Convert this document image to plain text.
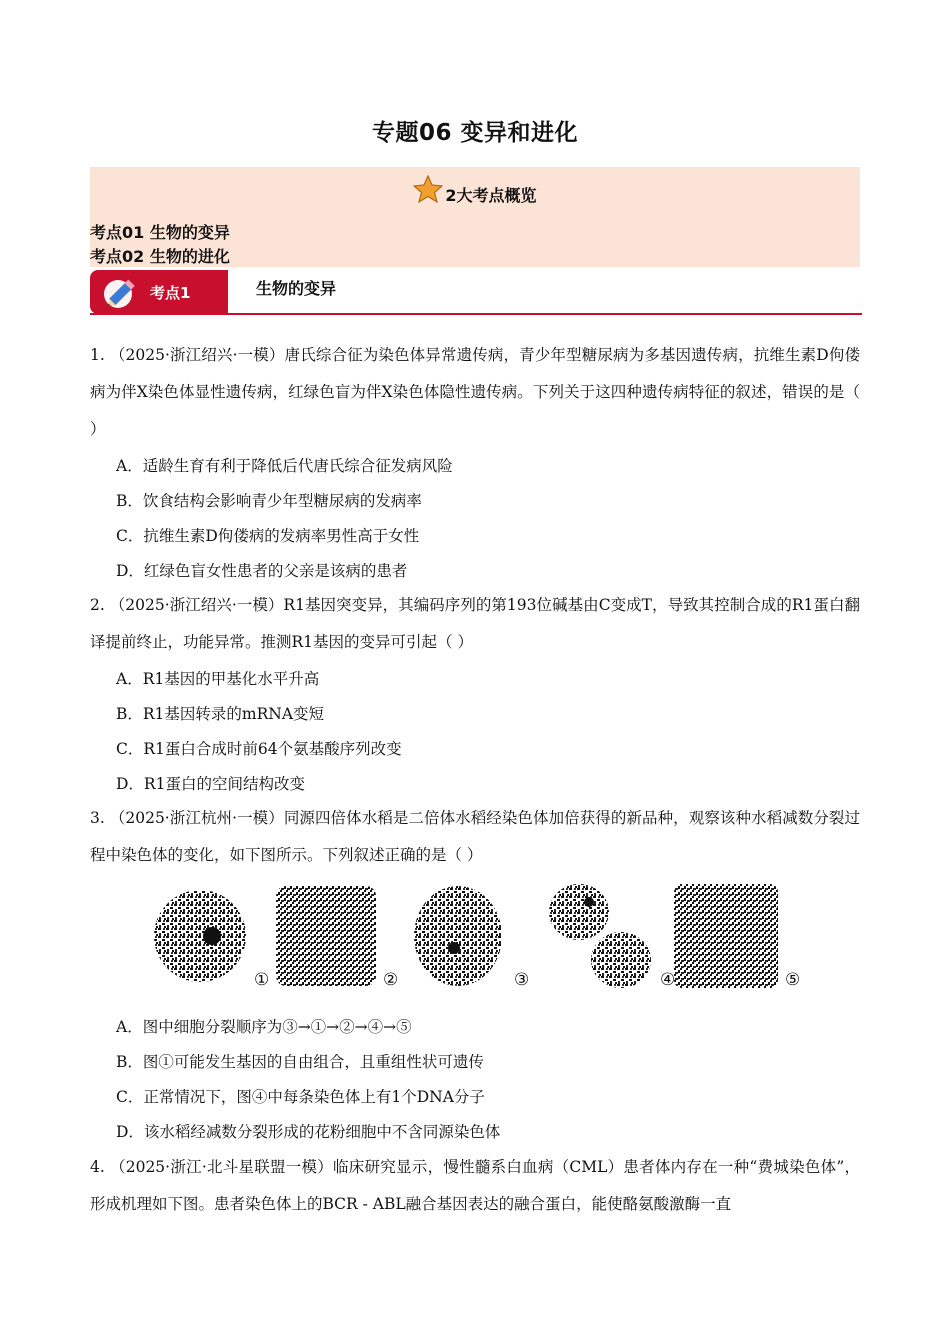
专题06 变异和进化
2大考点概览
考点01 生物的变异
考点02 生物的进化
考点1	生物的变异
1. （2025·浙江绍兴·一模）唐氏综合征为染色体异常遗传病，青少年型糖尿病为多基因遗传病，抗维生素D佝偻病为伴X染色体显性遗传病，红绿色盲为伴X染色体隐性遗传病。下列关于这四种遗传病特征的叙述，错误的是（ ）
A．适龄生育有利于降低后代唐氏综合征发病风险
B．饮食结构会影响青少年型糖尿病的发病率
C．抗维生素D佝偻病的发病率男性高于女性
D．红绿色盲女性患者的父亲是该病的患者
2. （2025·浙江绍兴·一模）R1基因突变异，其编码序列的第193位碱基由C变成T，导致其控制合成的R1蛋白翻译提前终止，功能异常。推测R1基因的变异可引起（ ）
A．R1基因的甲基化水平升高
B．R1基因转录的mRNA变短
C．R1蛋白合成时前64个氨基酸序列改变
D．R1蛋白的空间结构改变
3. （2025·浙江杭州·一模）同源四倍体水稻是二倍体水稻经染色体加倍获得的新品种，观察该种水稻减数分裂过程中染色体的变化，如下图所示。下列叙述正确的是（ ）
①	②	③	④	⑤
A．图中细胞分裂顺序为③→①→②→④→⑤
B．图①可能发生基因的自由组合，且重组性状可遗传
C．正常情况下，图④中每条染色体上有1个DNA分子
D．该水稻经减数分裂形成的花粉细胞中不含同源染色体
4. （2025·浙江·北斗星联盟一模）临床研究显示，慢性髓系白血病（CML）患者体内存在一种“费城染色体”，形成机理如下图。患者染色体上的BCR - ABL融合基因表达的融合蛋白，能使酪氨酸激酶一直
